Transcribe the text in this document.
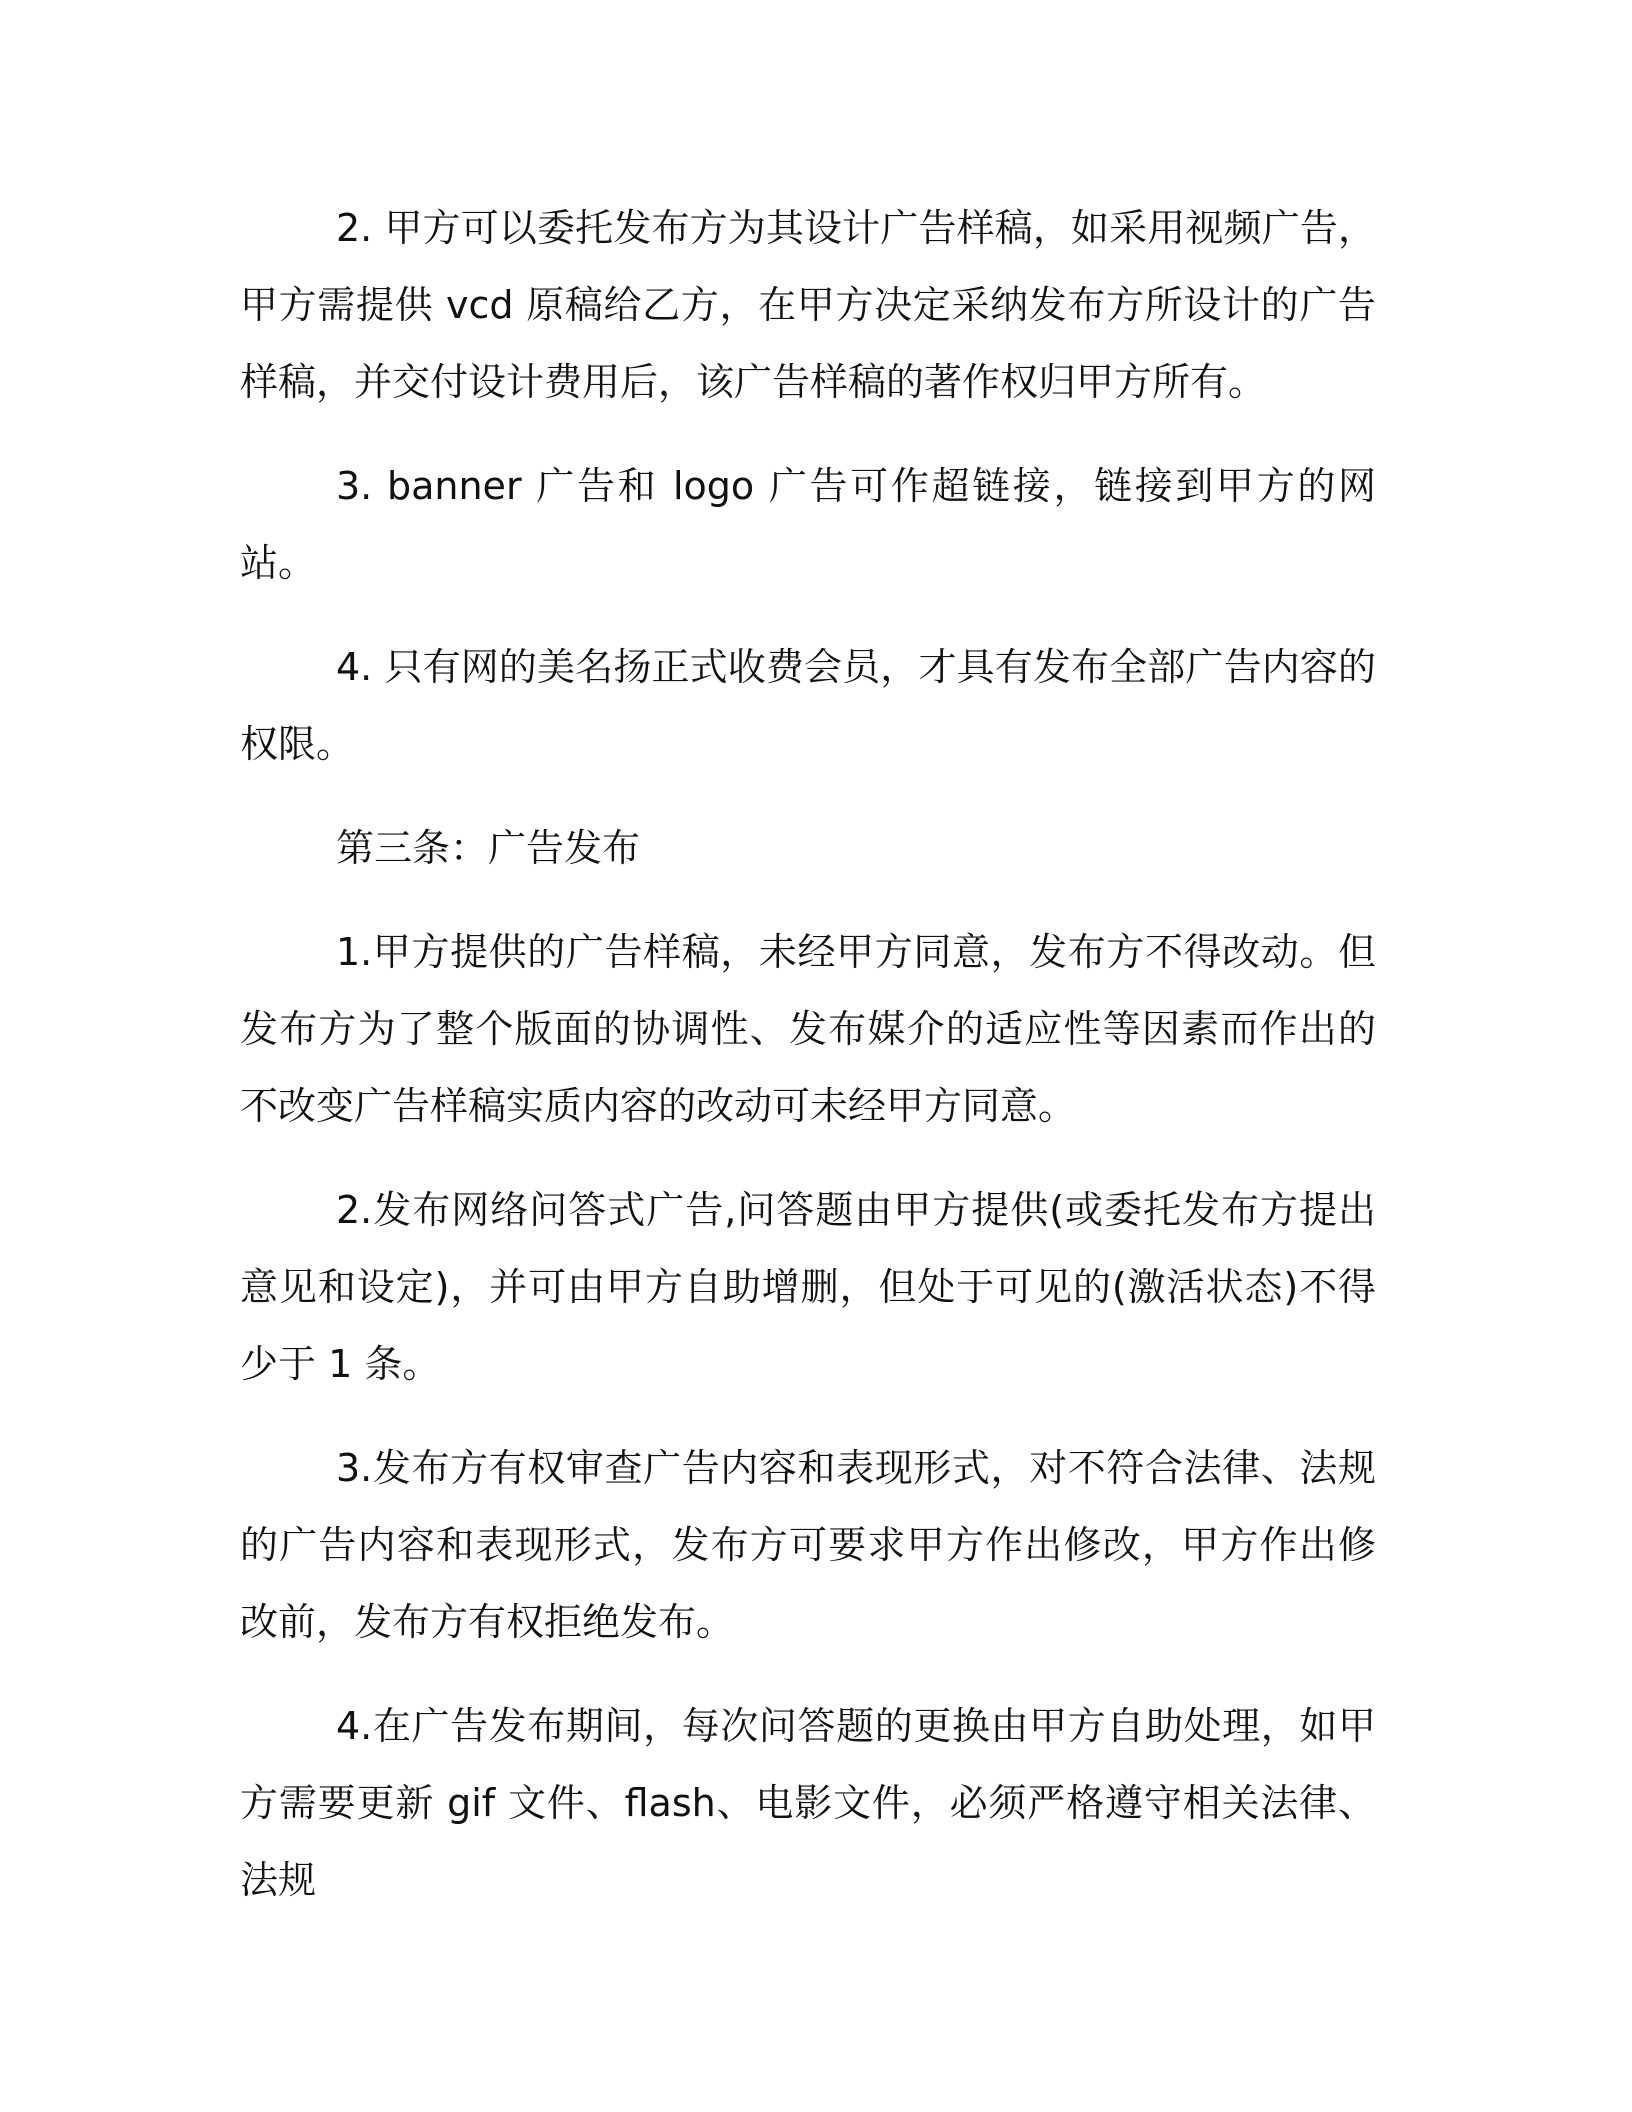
2. 甲方可以委托发布方为其设计广告样稿，如采用视频广告，甲方需提供 vcd 原稿给乙方，在甲方决定采纳发布方所设计的广告样稿，并交付设计费用后，该广告样稿的著作权归甲方所有。

3. banner 广告和 logo 广告可作超链接，链接到甲方的网站。

4. 只有网的美名扬正式收费会员，才具有发布全部广告内容的权限。

第三条：广告发布

1.甲方提供的广告样稿，未经甲方同意，发布方不得改动。但发布方为了整个版面的协调性、发布媒介的适应性等因素而作出的不改变广告样稿实质内容的改动可未经甲方同意。

2.发布网络问答式广告,问答题由甲方提供(或委托发布方提出意见和设定)，并可由甲方自助增删，但处于可见的(激活状态)不得少于 1 条。

3.发布方有权审查广告内容和表现形式，对不符合法律、法规的广告内容和表现形式，发布方可要求甲方作出修改，甲方作出修改前，发布方有权拒绝发布。

4.在广告发布期间，每次问答题的更换由甲方自助处理，如甲方需要更新 gif 文件、flash、电影文件，必须严格遵守相关法律、法规
